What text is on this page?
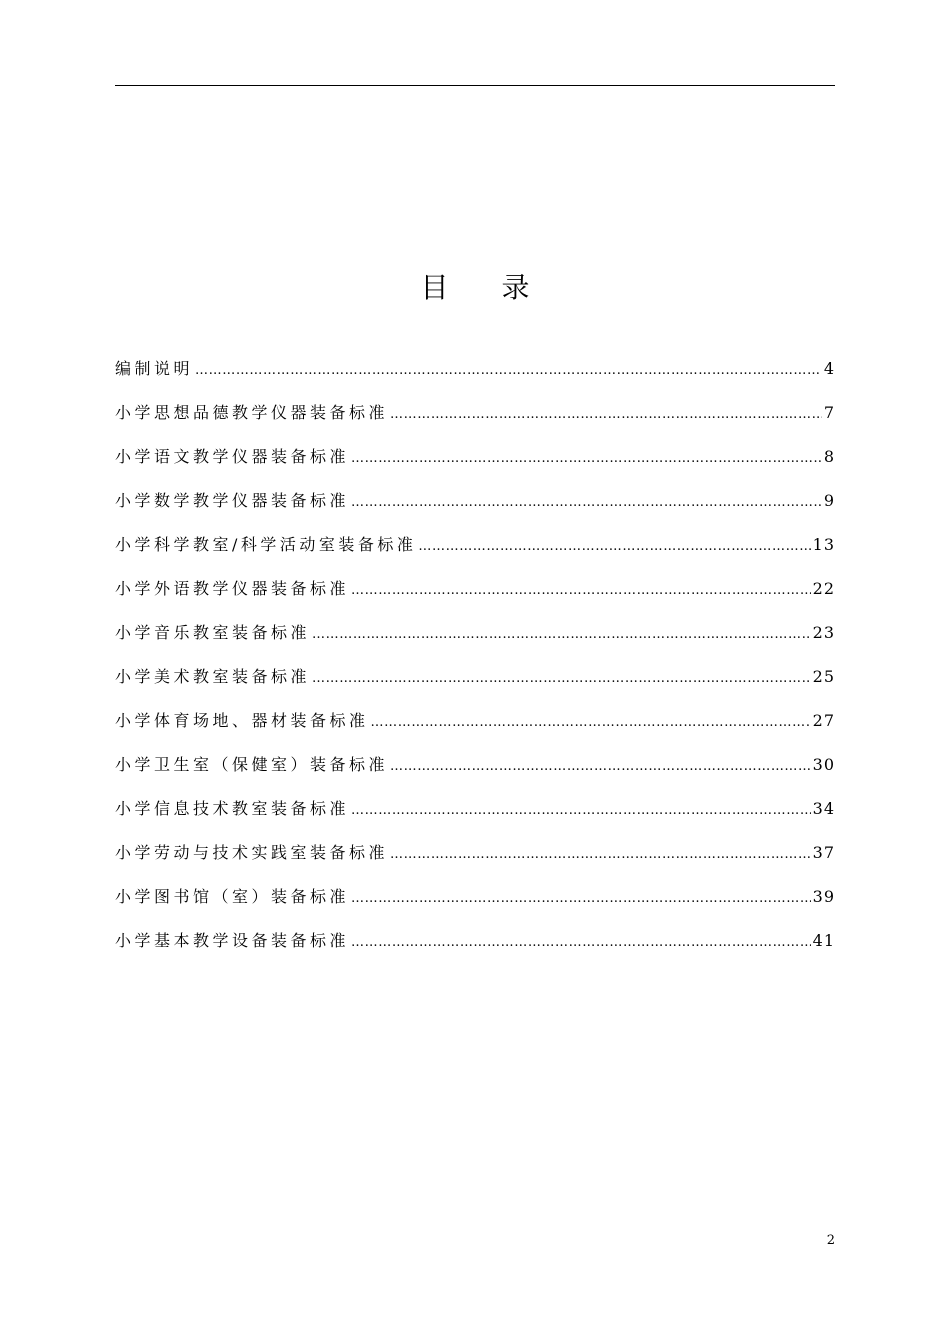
目 录
编制说明 …………………………………………………………………………………………………………………………………………………………………………	4
小学思想品德教学仪器装备标准 …………………………………………………………………………………………………………………………………………………………………………	7
小学语文教学仪器装备标准 …………………………………………………………………………………………………………………………………………………………………………	8
小学数学教学仪器装备标准 …………………………………………………………………………………………………………………………………………………………………………	9
小学科学教室/科学活动室装备标准 …………………………………………………………………………………………………………………………………………………………………………	13
小学外语教学仪器装备标准 …………………………………………………………………………………………………………………………………………………………………………	22
小学音乐教室装备标准 …………………………………………………………………………………………………………………………………………………………………………	23
小学美术教室装备标准 …………………………………………………………………………………………………………………………………………………………………………	25
小学体育场地、器材装备标准 …………………………………………………………………………………………………………………………………………………………………………	27
小学卫生室（保健室）装备标准 …………………………………………………………………………………………………………………………………………………………………………	30
小学信息技术教室装备标准 …………………………………………………………………………………………………………………………………………………………………………	34
小学劳动与技术实践室装备标准 …………………………………………………………………………………………………………………………………………………………………………	37
小学图书馆（室）装备标准 …………………………………………………………………………………………………………………………………………………………………………	39
小学基本教学设备装备标准 …………………………………………………………………………………………………………………………………………………………………………	41
2
